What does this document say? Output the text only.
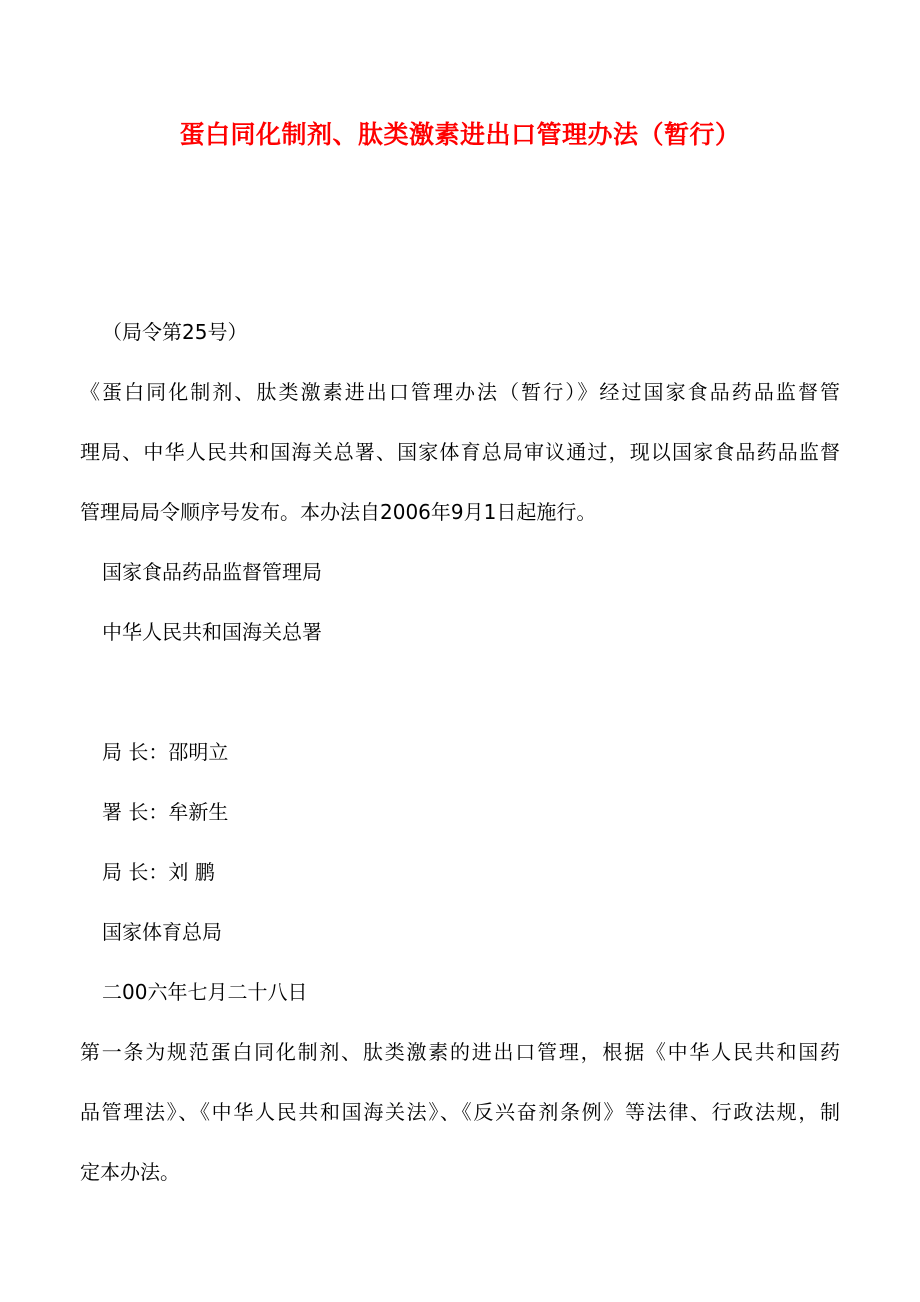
蛋白同化制剂、肽类激素进出口管理办法（暂行）
（局令第25号）
《蛋白同化制剂、肽类激素进出口管理办法（暂行）》经过国家食品药品监督管
理局、中华人民共和国海关总署、国家体育总局审议通过，现以国家食品药品监督
管理局局令顺序号发布。本办法自2006年9月1日起施行。
国家食品药品监督管理局
中华人民共和国海关总署
局 长：邵明立
署 长：牟新生
局 长：刘 鹏
国家体育总局
二00六年七月二十八日
第一条为规范蛋白同化制剂、肽类激素的进出口管理，根据《中华人民共和国药
品管理法》、《中华人民共和国海关法》、《反兴奋剂条例》等法律、行政法规，制
定本办法。
